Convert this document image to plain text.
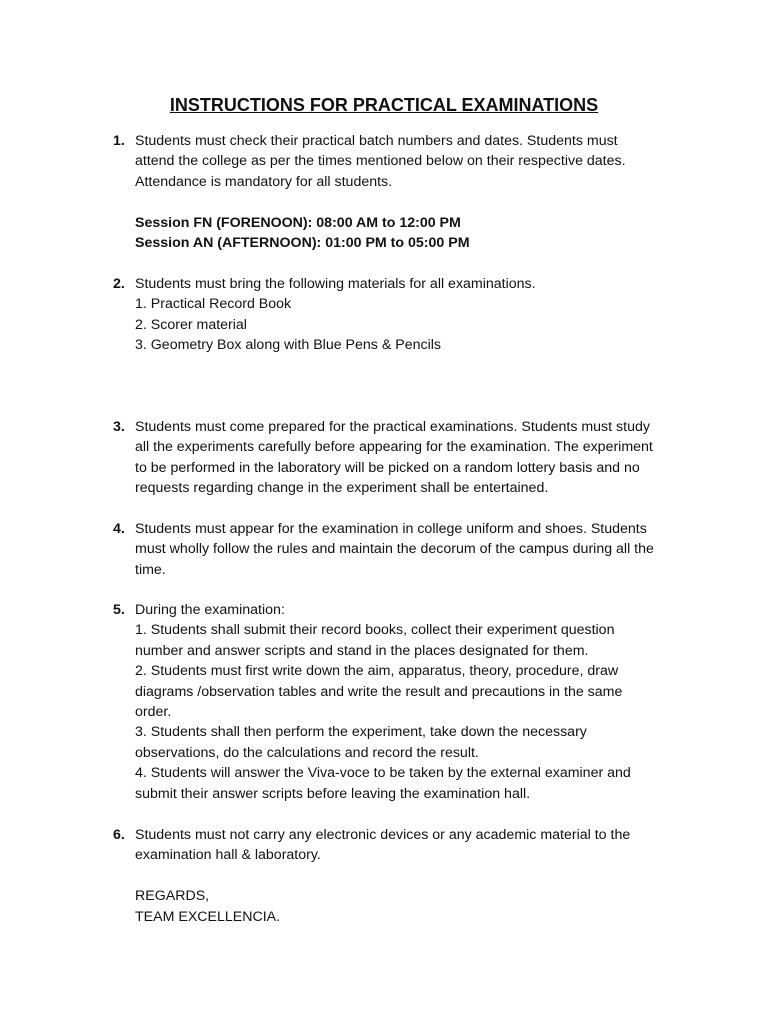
INSTRUCTIONS FOR PRACTICAL EXAMINATIONS
1. Students must check their practical batch numbers and dates. Students must
attend the college as per the times mentioned below on their respective dates.
Attendance is mandatory for all students.
Session FN (FORENOON): 08:00 AM to 12:00 PM
Session AN (AFTERNOON): 01:00 PM to 05:00 PM
2. Students must bring the following materials for all examinations.
1. Practical Record Book
2. Scorer material
3. Geometry Box along with Blue Pens & Pencils
3. Students must come prepared for the practical examinations. Students must study
all the experiments carefully before appearing for the examination. The experiment
to be performed in the laboratory will be picked on a random lottery basis and no
requests regarding change in the experiment shall be entertained.
4. Students must appear for the examination in college uniform and shoes. Students
must wholly follow the rules and maintain the decorum of the campus during all the
time.
5. During the examination:
1. Students shall submit their record books, collect their experiment question
number and answer scripts and stand in the places designated for them.
2. Students must first write down the aim, apparatus, theory, procedure, draw
diagrams /observation tables and write the result and precautions in the same
order.
3. Students shall then perform the experiment, take down the necessary
observations, do the calculations and record the result.
4. Students will answer the Viva-voce to be taken by the external examiner and
submit their answer scripts before leaving the examination hall.
6. Students must not carry any electronic devices or any academic material to the
examination hall & laboratory.
REGARDS,
TEAM EXCELLENCIA.
